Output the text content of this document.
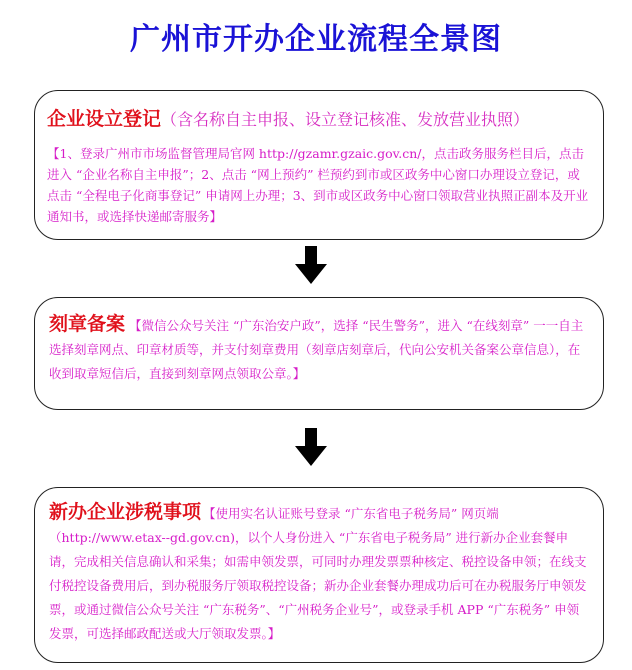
广州市开办企业流程全景图
企业设立登记（含名称自主申报、设立登记核准、发放营业执照）
【1、登录广州市市场监督管理局官网 http://gzamr.gzaic.gov.cn/，点击政务服务栏目后，点击进入 “企业名称自主申报”；2、点击 “网上预约” 栏预约到市或区政务中心窗口办理设立登记，或点击 “全程电子化商事登记” 申请网上办理；3、到市或区政务中心窗口领取营业执照正副本及开业通知书，或选择快递邮寄服务】
刻章备案 【微信公众号关注 “广东治安户政”，选择 “民生警务”，进入 “在线刻章” 一一自主选择刻章网点、印章材质等，并支付刻章费用（刻章店刻章后，代向公安机关备案公章信息），在收到取章短信后，直接到刻章网点领取公章。】
新办企业涉税事项 【使用实名认证账号登录 “广东省电子税务局” 网页端（http://www.etax--gd.gov.cn)，以个人身份进入 “广东省电子税务局” 进行新办企业套餐申请，完成相关信息确认和采集；如需申领发票，可同时办理发票票种核定、税控设备申领；在线支付税控设备费用后，到办税服务厅领取税控设备；新办企业套餐办理成功后可在办税服务厅申领发票，或通过微信公众号关注 “广东税务”、“广州税务企业号”，或登录手机 APP “广东税务” 申领发票，可选择邮政配送或大厅领取发票。】
